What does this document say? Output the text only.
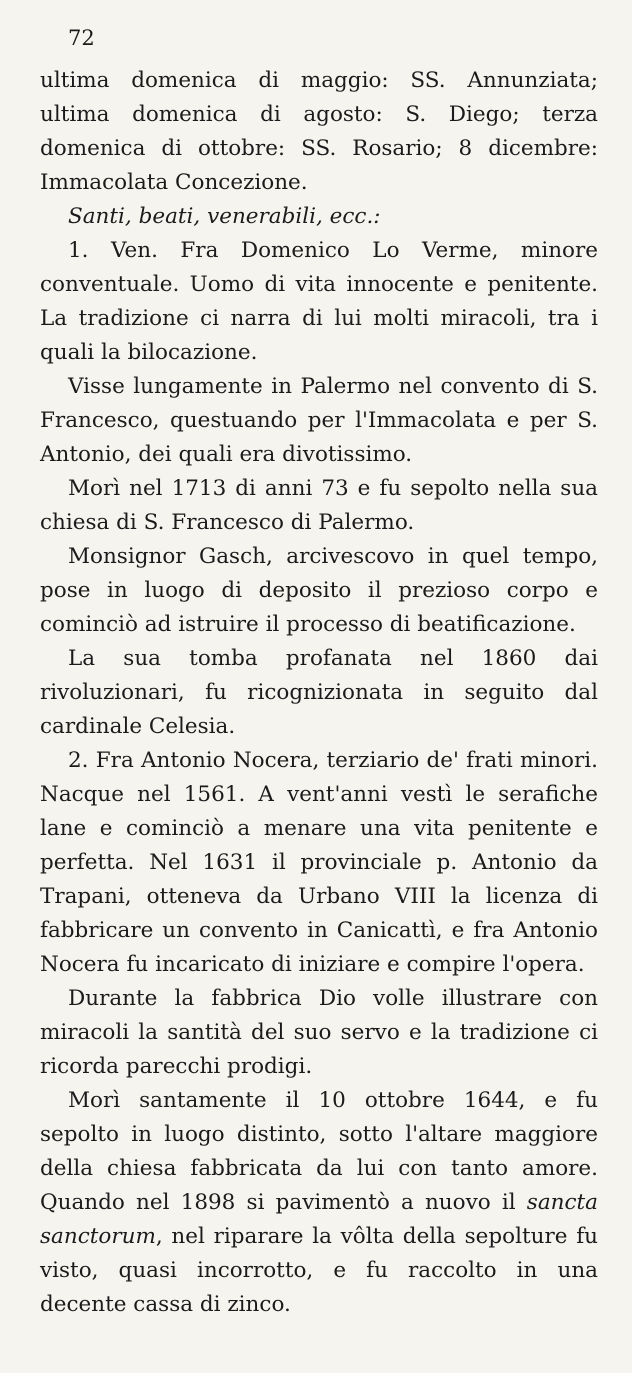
72

ultima domenica di maggio: SS. Annunziata; ultima domenica di agosto: S. Diego; terza domenica di ottobre: SS. Rosario; 8 dicembre: Immacolata Concezione.

Santi, beati, venerabili, ecc.:

1. Ven. Fra Domenico Lo Verme, minore conventuale. Uomo di vita innocente e penitente. La tradizione ci narra di lui molti miracoli, tra i quali la bilocazione.

Visse lungamente in Palermo nel convento di S. Francesco, questuando per l'Immacolata e per S. Antonio, dei quali era divotissimo.

Morì nel 1713 di anni 73 e fu sepolto nella sua chiesa di S. Francesco di Palermo.

Monsignor Gasch, arcivescovo in quel tempo, pose in luogo di deposito il prezioso corpo e cominciò ad istruire il processo di beatificazione.

La sua tomba profanata nel 1860 dai rivoluzionari, fu ricognizionata in seguito dal cardinale Celesia.

2. Fra Antonio Nocera, terziario de' frati minori. Nacque nel 1561. A vent'anni vestì le serafiche lane e cominciò a menare una vita penitente e perfetta. Nel 1631 il provinciale p. Antonio da Trapani, otteneva da Urbano VIII la licenza di fabbricare un convento in Canicattì, e fra Antonio Nocera fu incaricato di iniziare e compire l'opera.

Durante la fabbrica Dio volle illustrare con miracoli la santità del suo servo e la tradizione ci ricorda parecchi prodigi.

Morì santamente il 10 ottobre 1644, e fu sepolto in luogo distinto, sotto l'altare maggiore della chiesa fabbricata da lui con tanto amore. Quando nel 1898 si pavimentò a nuovo il sancta sanctorum, nel riparare la vôlta della sepolture fu visto, quasi incorrotto, e fu raccolto in una decente cassa di zinco.
